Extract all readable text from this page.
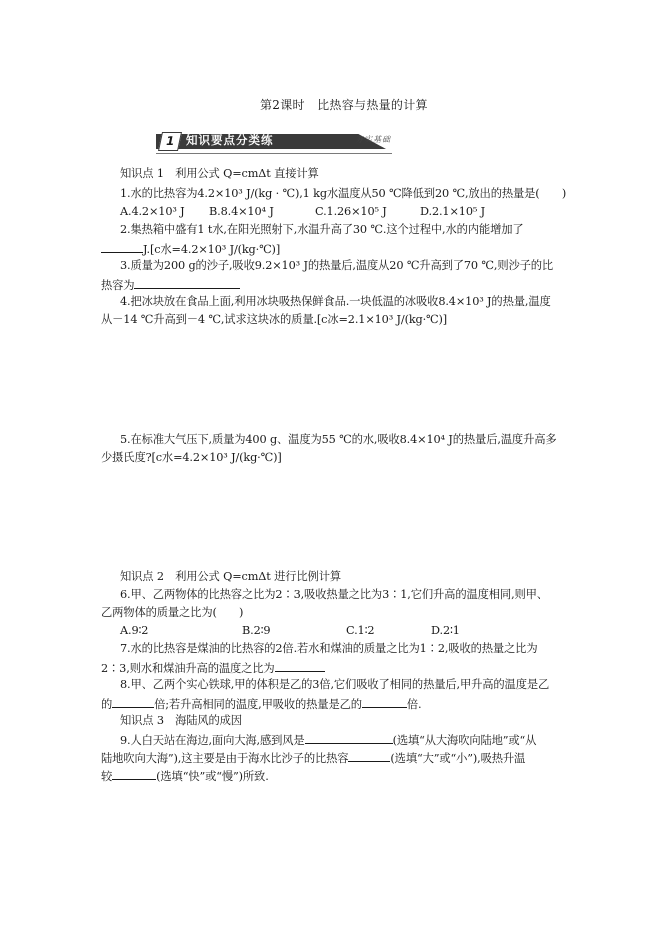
第2课时　比热容与热量的计算
1 知识要点分类练	夯实基础
知识点 1　利用公式 Q=cmΔt 直接计算
1.水的比热容为4.2×10³ J/(kg · ℃),1 kg水温度从50 ℃降低到20 ℃,放出的热量是(　　)
A.4.2×10³ J B.8.4×10⁴ J	C.1.26×10⁵ J	D.2.1×10⁵ J
2.集热箱中盛有1 t水,在阳光照射下,水温升高了30 ℃.这个过程中,水的内能增加了
J.[c水=4.2×10³ J/(kg·℃)]
3.质量为200 g的沙子,吸收9.2×10³ J的热量后,温度从20 ℃升高到了70 ℃,则沙子的比
热容为
4.把冰块放在食品上面,利用冰块吸热保鲜食品.一块低温的冰吸收8.4×10³ J的热量,温度
从－14 ℃升高到－4 ℃,试求这块冰的质量.[c冰=2.1×10³ J/(kg·℃)]
5.在标准大气压下,质量为400 g、温度为55 ℃的水,吸收8.4×10⁴ J的热量后,温度升高多
少摄氏度?[c水=4.2×10³ J/(kg·℃)]
知识点 2　利用公式 Q=cmΔt 进行比例计算
6.甲、乙两物体的比热容之比为2∶3,吸收热量之比为3∶1,它们升高的温度相同,则甲、
乙两物体的质量之比为(　　)
A.9∶2	B.2∶9	C.1∶2	D.2∶1
7.水的比热容是煤油的比热容的2倍.若水和煤油的质量之比为1∶2,吸收的热量之比为
2∶3,则水和煤油升高的温度之比为
8.甲、乙两个实心铁球,甲的体积是乙的3倍,它们吸收了相同的热量后,甲升高的温度是乙
的	倍;若升高相同的温度,甲吸收的热量是乙的	倍.
知识点 3　海陆风的成因
9.人白天站在海边,面向大海,感到风是	(选填“从大海吹向陆地”或“从
陆地吹向大海”),这主要是由于海水比沙子的比热容	(选填“大”或“小”),吸热升温
较	(选填“快”或“慢”)所致.
